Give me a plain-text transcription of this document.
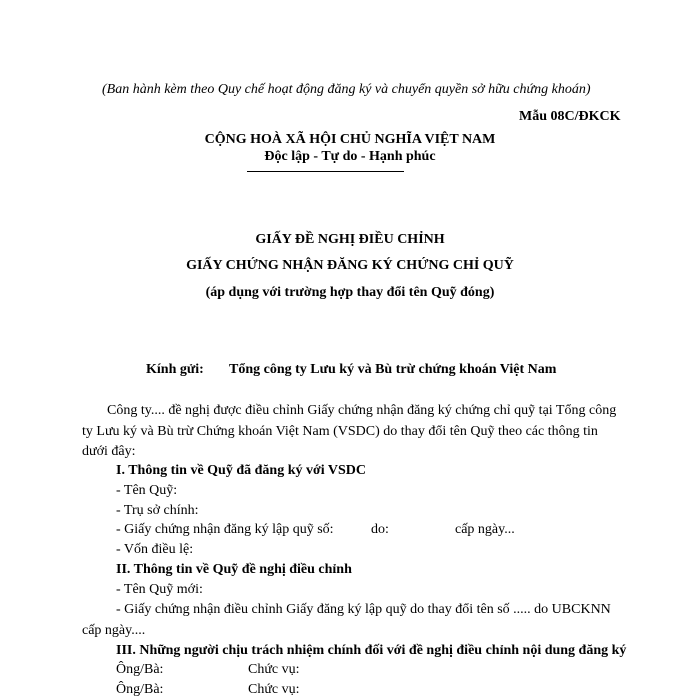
(Ban hành kèm theo Quy chế hoạt động đăng ký và chuyển quyền sở hữu chứng khoán)
Mẫu 08C/ĐKCK
CỘNG HOÀ XÃ HỘI CHỦ NGHĨA VIỆT NAM
Độc lập - Tự do - Hạnh phúc
GIẤY ĐỀ NGHỊ ĐIỀU CHỈNH
GIẤY CHỨNG NHẬN ĐĂNG KÝ CHỨNG CHỈ QUỸ
(áp dụng với trường hợp thay đổi tên Quỹ đóng)
Kính gửi: Tổng công ty Lưu ký và Bù trừ chứng khoán Việt Nam
Công ty.... đề nghị được điều chỉnh Giấy chứng nhận đăng ký chứng chỉ quỹ tại Tổng công
ty Lưu ký và Bù trừ Chứng khoán Việt Nam (VSDC) do thay đổi tên Quỹ theo các thông tin
dưới đây:
I. Thông tin về Quỹ đã đăng ký với VSDC
- Tên Quỹ:
- Trụ sở chính:
- Giấy chứng nhận đăng ký lập quỹ số:	do:	cấp ngày...
- Vốn điều lệ:
II. Thông tin về Quỹ đề nghị điều chỉnh
- Tên Quỹ mới:
- Giấy chứng nhận điều chỉnh Giấy đăng ký lập quỹ do thay đổi tên số ..... do UBCKNN
cấp ngày....
III. Những người chịu trách nhiệm chính đối với đề nghị điều chỉnh nội dung đăng ký
Ông/Bà:	Chức vụ:
Ông/Bà:	Chức vụ:
